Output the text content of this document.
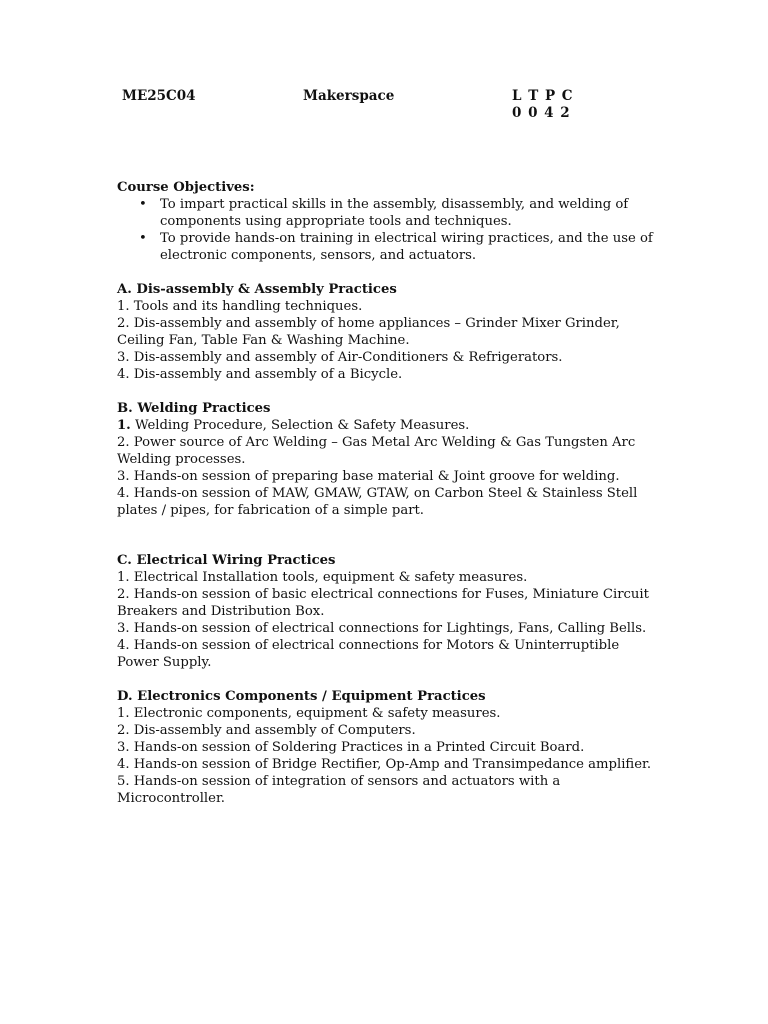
ME25C04	Makerspace	L T P C
0 0 4 2
Course Objectives:
• To impart practical skills in the assembly, disassembly, and welding of components using appropriate tools and techniques.
• To provide hands-on training in electrical wiring practices, and the use of electronic components, sensors, and actuators.
A. Dis-assembly & Assembly Practices
1. Tools and its handling techniques.
2. Dis-assembly and assembly of home appliances – Grinder Mixer Grinder, Ceiling Fan, Table Fan & Washing Machine.
3. Dis-assembly and assembly of Air-Conditioners & Refrigerators.
4. Dis-assembly and assembly of a Bicycle.
B. Welding Practices
1. Welding Procedure, Selection & Safety Measures.
2. Power source of Arc Welding – Gas Metal Arc Welding & Gas Tungsten Arc Welding processes.
3. Hands-on session of preparing base material & Joint groove for welding.
4. Hands-on session of MAW, GMAW, GTAW, on Carbon Steel & Stainless Stell plates / pipes, for fabrication of a simple part.
C. Electrical Wiring Practices
1. Electrical Installation tools, equipment & safety measures.
2. Hands-on session of basic electrical connections for Fuses, Miniature Circuit Breakers and Distribution Box.
3. Hands-on session of electrical connections for Lightings, Fans, Calling Bells.
4. Hands-on session of electrical connections for Motors & Uninterruptible Power Supply.
D. Electronics Components / Equipment Practices
1. Electronic components, equipment & safety measures.
2. Dis-assembly and assembly of Computers.
3. Hands-on session of Soldering Practices in a Printed Circuit Board.
4. Hands-on session of Bridge Rectifier, Op-Amp and Transimpedance amplifier.
5. Hands-on session of integration of sensors and actuators with a Microcontroller.
